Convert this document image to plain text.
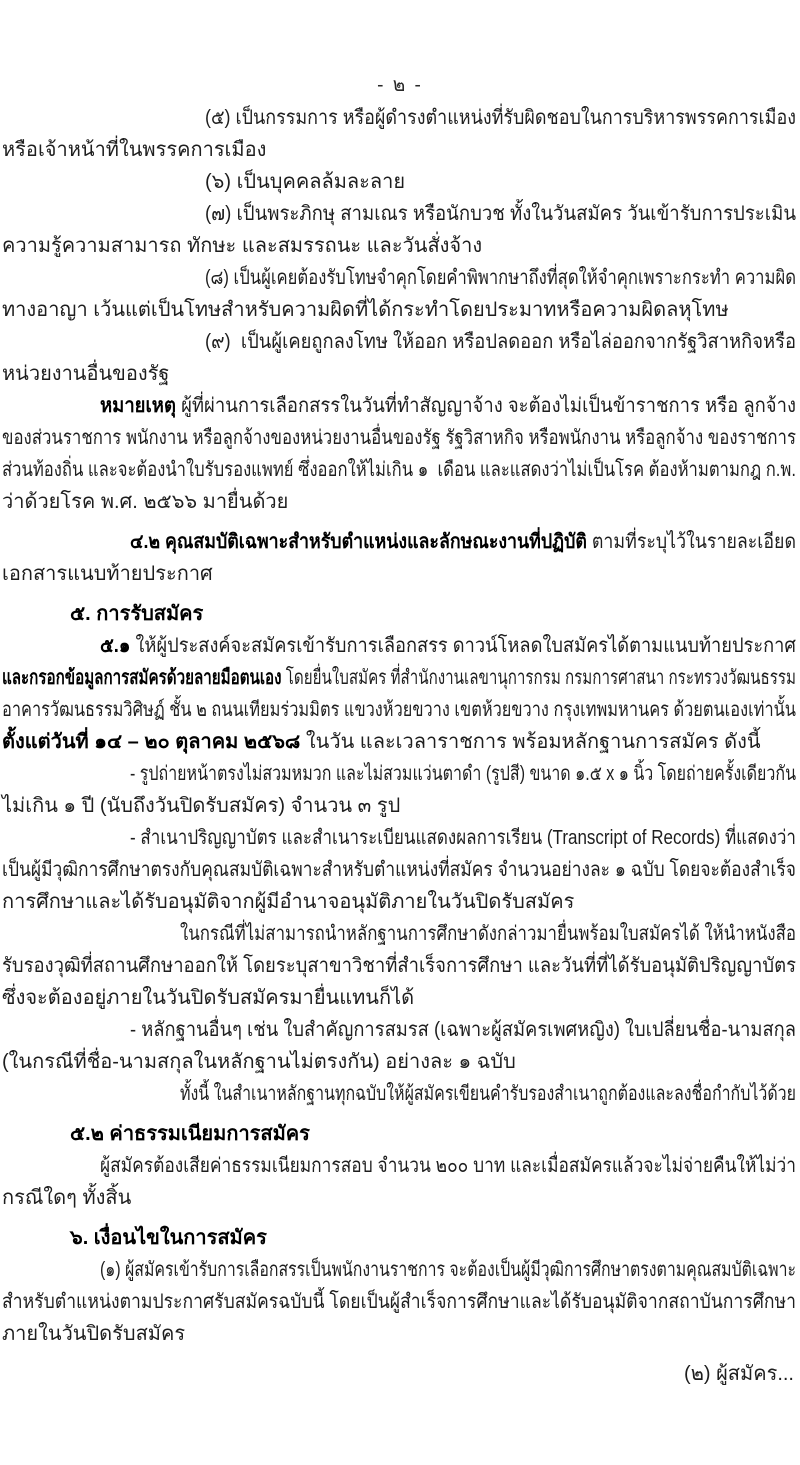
- ๒ -
(๕) เป็นกรรมการ หรือผู้ดำรงตำแหน่งที่รับผิดชอบในการบริหารพรรคการเมือง
หรือเจ้าหน้าที่ในพรรคการเมือง
(๖) เป็นบุคคลล้มละลาย
(๗) เป็นพระภิกษุ สามเณร หรือนักบวช ทั้งในวันสมัคร วันเข้ารับการประเมิน
ความรู้ความสามารถ ทักษะ และสมรรถนะ และวันสั่งจ้าง
(๘) เป็นผู้เคยต้องรับโทษจำคุกโดยคำพิพากษาถึงที่สุดให้จำคุกเพราะกระทำ ความผิด
ทางอาญา เว้นแต่เป็นโทษสำหรับความผิดที่ได้กระทำโดยประมาทหรือความผิดลหุโทษ
(๙)  เป็นผู้เคยถูกลงโทษ ให้ออก หรือปลดออก หรือไล่ออกจากรัฐวิสาหกิจหรือ
หน่วยงานอื่นของรัฐ
หมายเหตุ ผู้ที่ผ่านการเลือกสรรในวันที่ทำสัญญาจ้าง จะต้องไม่เป็นข้าราชการ หรือ ลูกจ้าง
ของส่วนราชการ พนักงาน หรือลูกจ้างของหน่วยงานอื่นของรัฐ รัฐวิสาหกิจ หรือพนักงาน หรือลูกจ้าง ของราชการ
ส่วนท้องถิ่น และจะต้องนำใบรับรองแพทย์ ซึ่งออกให้ไม่เกิน ๑  เดือน และแสดงว่าไม่เป็นโรค ต้องห้ามตามกฎ ก.พ.
ว่าด้วยโรค พ.ศ. ๒๕๖๖ มายื่นด้วย
๔.๒ คุณสมบัติเฉพาะสำหรับตำแหน่งและลักษณะงานที่ปฏิบัติ ตามที่ระบุไว้ในรายละเอียด
เอกสารแนบท้ายประกาศ
๕. การรับสมัคร
๕.๑ ให้ผู้ประสงค์จะสมัครเข้ารับการเลือกสรร ดาวน์โหลดใบสมัครได้ตามแนบท้ายประกาศ
และกรอกข้อมูลการสมัครด้วยลายมือตนเอง โดยยื่นใบสมัคร ที่สำนักงานเลขานุการกรม กรมการศาสนา กระทรวงวัฒนธรรม
อาคารวัฒนธรรมวิศิษฏ์ ชั้น ๒ ถนนเทียมร่วมมิตร แขวงห้วยขวาง เขตห้วยขวาง กรุงเทพมหานคร ด้วยตนเองเท่านั้น
ตั้งแต่วันที่ ๑๔ – ๒๐ ตุลาคม ๒๕๖๘ ในวัน และเวลาราชการ พร้อมหลักฐานการสมัคร ดังนี้
- รูปถ่ายหน้าตรงไม่สวมหมวก และไม่สวมแว่นตาดำ (รูปสี) ขนาด ๑.๕ x ๑ นิ้ว โดยถ่ายครั้งเดียวกัน
ไม่เกิน ๑ ปี (นับถึงวันปิดรับสมัคร) จำนวน ๓ รูป
- สำเนาปริญญาบัตร และสำเนาระเบียนแสดงผลการเรียน (Transcript of Records) ที่แสดงว่า
เป็นผู้มีวุฒิการศึกษาตรงกับคุณสมบัติเฉพาะสำหรับตำแหน่งที่สมัคร จำนวนอย่างละ ๑ ฉบับ โดยจะต้องสำเร็จ
การศึกษาและได้รับอนุมัติจากผู้มีอำนาจอนุมัติภายในวันปิดรับสมัคร
ในกรณีที่ไม่สามารถนำหลักฐานการศึกษาดังกล่าวมายื่นพร้อมใบสมัครได้ ให้นำหนังสือ
รับรองวุฒิที่สถานศึกษาออกให้ โดยระบุสาขาวิชาที่สำเร็จการศึกษา และวันที่ที่ได้รับอนุมัติปริญญาบัตร
ซึ่งจะต้องอยู่ภายในวันปิดรับสมัครมายื่นแทนก็ได้
- หลักฐานอื่นๆ เช่น ใบสำคัญการสมรส (เฉพาะผู้สมัครเพศหญิง) ใบเปลี่ยนชื่อ-นามสกุล
(ในกรณีที่ชื่อ-นามสกุลในหลักฐานไม่ตรงกัน) อย่างละ ๑ ฉบับ
ทั้งนี้ ในสำเนาหลักฐานทุกฉบับให้ผู้สมัครเขียนคำรับรองสำเนาถูกต้องและลงชื่อกำกับไว้ด้วย
๕.๒ ค่าธรรมเนียมการสมัคร
ผู้สมัครต้องเสียค่าธรรมเนียมการสอบ จำนวน ๒๐๐ บาท และเมื่อสมัครแล้วจะไม่จ่ายคืนให้ไม่ว่า
กรณีใดๆ ทั้งสิ้น
๖. เงื่อนไขในการสมัคร
(๑) ผู้สมัครเข้ารับการเลือกสรรเป็นพนักงานราชการ จะต้องเป็นผู้มีวุฒิการศึกษาตรงตามคุณสมบัติเฉพาะ
สำหรับตำแหน่งตามประกาศรับสมัครฉบับนี้ โดยเป็นผู้สำเร็จการศึกษาและได้รับอนุมัติจากสถาบันการศึกษา
ภายในวันปิดรับสมัคร
(๒) ผู้สมัคร...
